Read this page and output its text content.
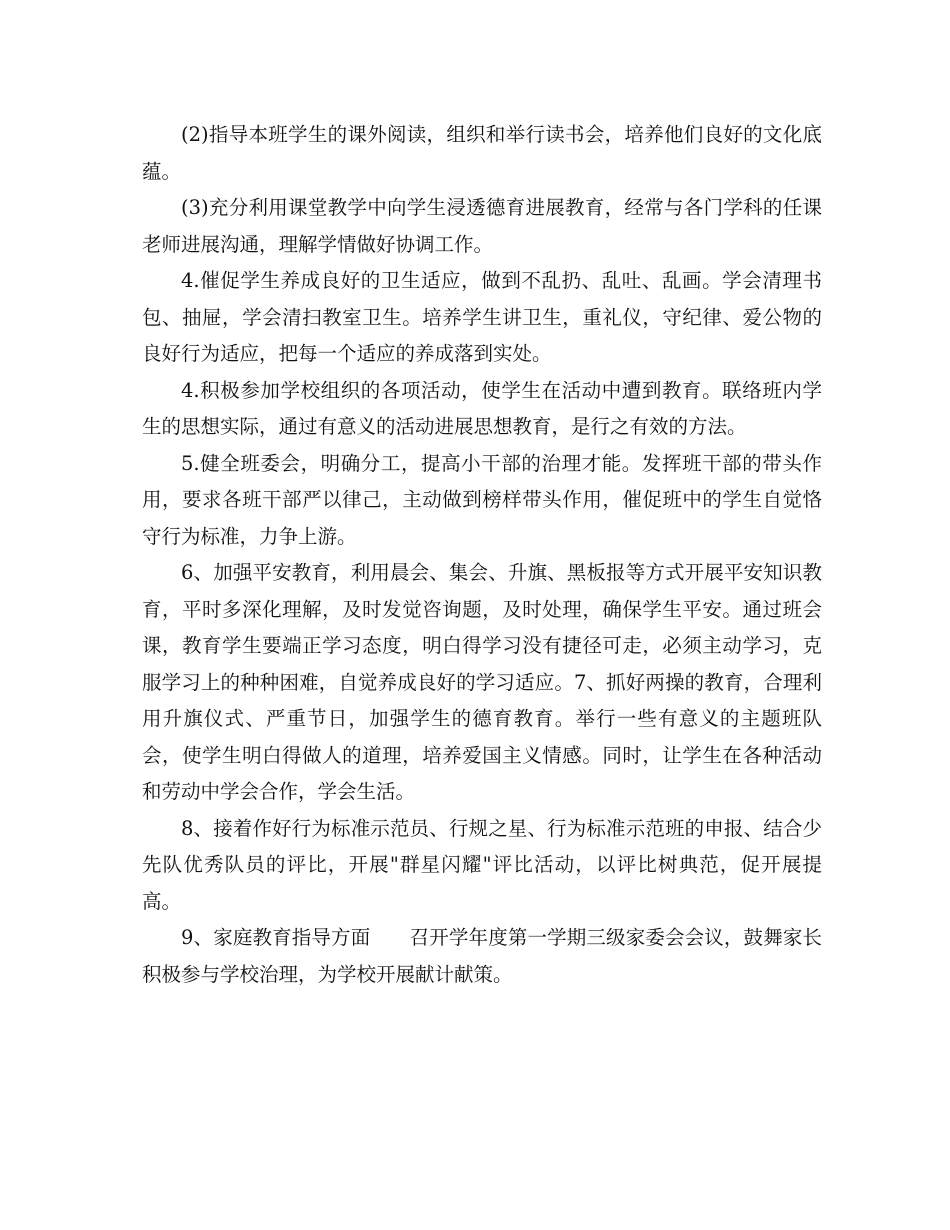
(2)指导本班学生的课外阅读，组织和举行读书会，培养他们良好的文化底蕴。

(3)充分利用课堂教学中向学生浸透德育进展教育，经常与各门学科的任课老师进展沟通，理解学情做好协调工作。

4.催促学生养成良好的卫生适应，做到不乱扔、乱吐、乱画。学会清理书包、抽屉，学会清扫教室卫生。培养学生讲卫生，重礼仪，守纪律、爱公物的良好行为适应，把每一个适应的养成落到实处。

4.积极参加学校组织的各项活动，使学生在活动中遭到教育。联络班内学生的思想实际，通过有意义的活动进展思想教育，是行之有效的方法。

5.健全班委会，明确分工，提高小干部的治理才能。发挥班干部的带头作用，要求各班干部严以律己，主动做到榜样带头作用，催促班中的学生自觉恪守行为标准，力争上游。

6、加强平安教育，利用晨会、集会、升旗、黑板报等方式开展平安知识教育，平时多深化理解，及时发觉咨询题，及时处理，确保学生平安。通过班会课，教育学生要端正学习态度，明白得学习没有捷径可走，必须主动学习，克服学习上的种种困难，自觉养成良好的学习适应。7、抓好两操的教育，合理利用升旗仪式、严重节日，加强学生的德育教育。举行一些有意义的主题班队会，使学生明白得做人的道理，培养爱国主义情感。同时，让学生在各种活动和劳动中学会合作，学会生活。

8、接着作好行为标准示范员、行规之星、行为标准示范班的申报、结合少先队优秀队员的评比，开展"群星闪耀"评比活动，以评比树典范，促开展提高。

9、家庭教育指导方面　　召开学年度第一学期三级家委会会议，鼓舞家长积极参与学校治理，为学校开展献计献策。
